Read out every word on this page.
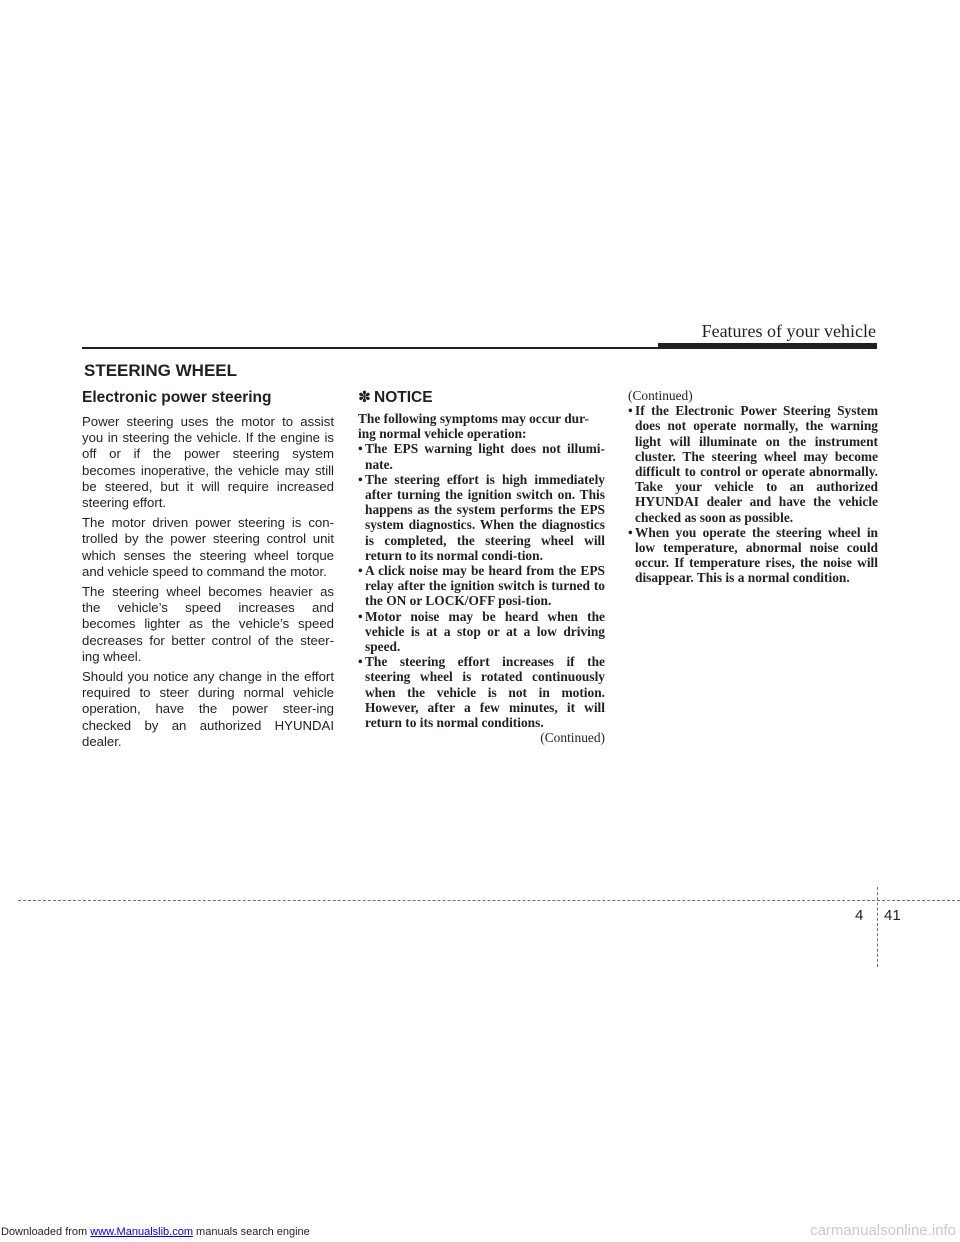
Features of your vehicle
STEERING WHEEL
Electronic power steering

Power steering uses the motor to assist you in steering the vehicle. If the engine is off or if the power steering system becomes inoperative, the vehicle may still be steered, but it will require increased steering effort.

The motor driven power steering is con-trolled by the power steering control unit which senses the steering wheel torque and vehicle speed to command the motor.

The steering wheel becomes heavier as the vehicle’s speed increases and becomes lighter as the vehicle’s speed decreases for better control of the steer-ing wheel.

Should you notice any change in the effort required to steer during normal vehicle operation, have the power steer-ing checked by an authorized HYUNDAI dealer.

✽ NOTICE

The following symptoms may occur dur-ing normal vehicle operation:

• The EPS warning light does not illumi-nate.
• The steering effort is high immediately after turning the ignition switch on. This happens as the system performs the EPS system diagnostics. When the diagnostics is completed, the steering wheel will return to its normal condi-tion.
• A click noise may be heard from the EPS relay after the ignition switch is turned to the ON or LOCK/OFF posi-tion.
• Motor noise may be heard when the vehicle is at a stop or at a low driving speed.
• The steering effort increases if the steering wheel is rotated continuously when the vehicle is not in motion. However, after a few minutes, it will return to its normal conditions.
(Continued)
(Continued)
• If the Electronic Power Steering System does not operate normally, the warning light will illuminate on the instrument cluster. The steering wheel may become difficult to control or operate abnormally. Take your vehicle to an authorized HYUNDAI dealer and have the vehicle checked as soon as possible.
• When you operate the steering wheel in low temperature, abnormal noise could occur. If temperature rises, the noise will disappear. This is a normal condition.
4 41
Downloaded from www.Manualslib.com manuals search engine	carmanualsonline.info
